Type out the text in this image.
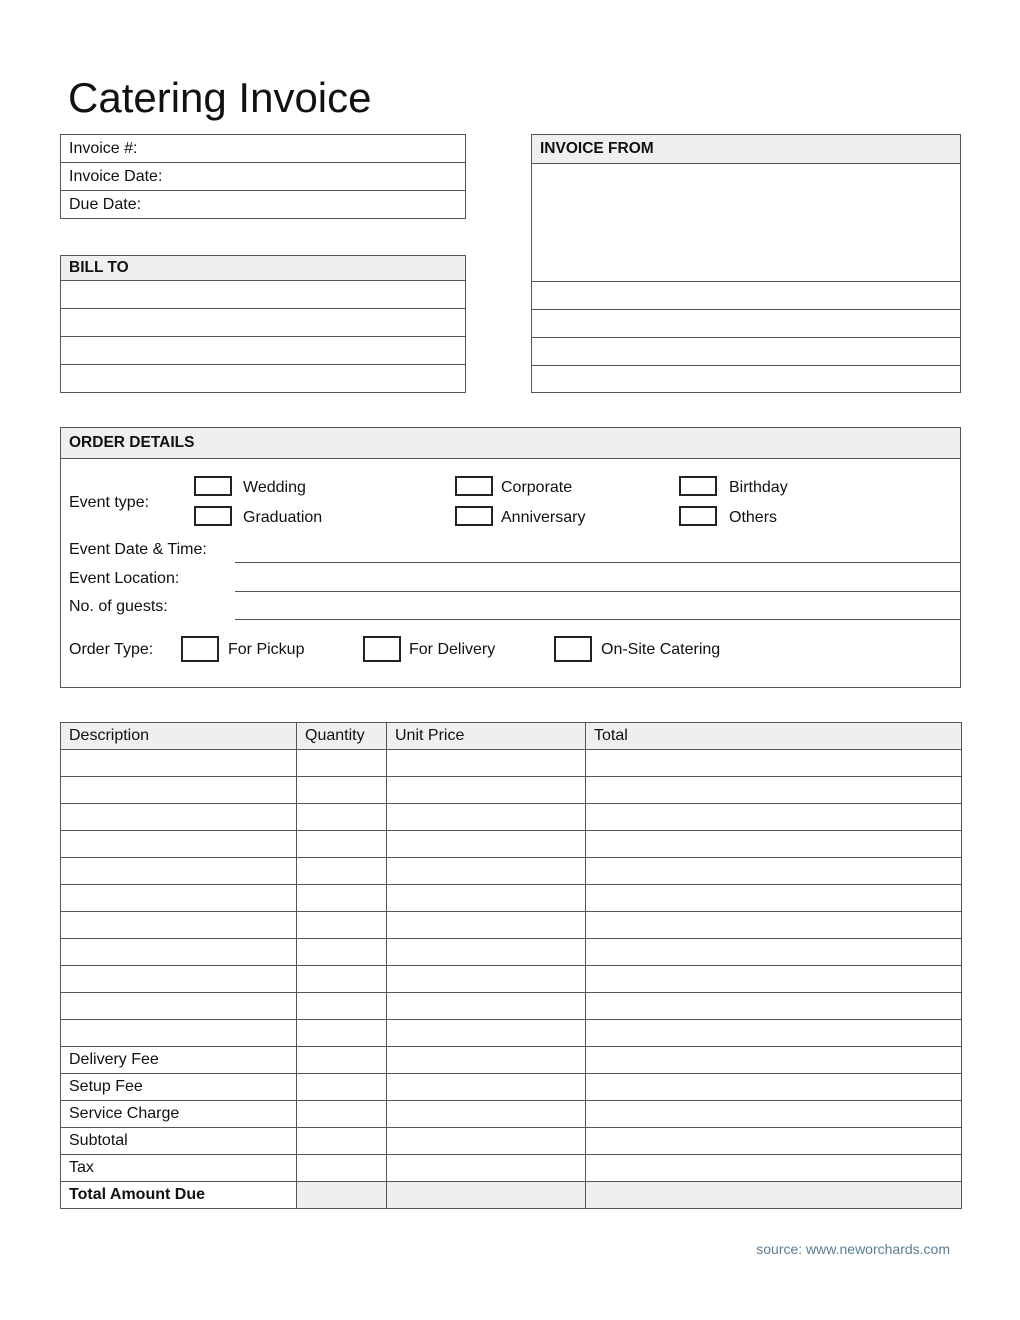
Catering Invoice
Invoice #:
Invoice Date:
Due Date:
BILL TO
INVOICE FROM
ORDER DETAILS
Event type:
Wedding
Graduation
Corporate
Anniversary
Birthday
Others
Event Date & Time:
Event Location:
No. of guests:
Order Type:	For Pickup	For Delivery	On-Site Catering
Description	Quantity	Unit Price	Total

Delivery Fee			
Setup Fee			
Service Charge			
Subtotal			
Tax			
Total Amount Due			
source: www.neworchards.com
